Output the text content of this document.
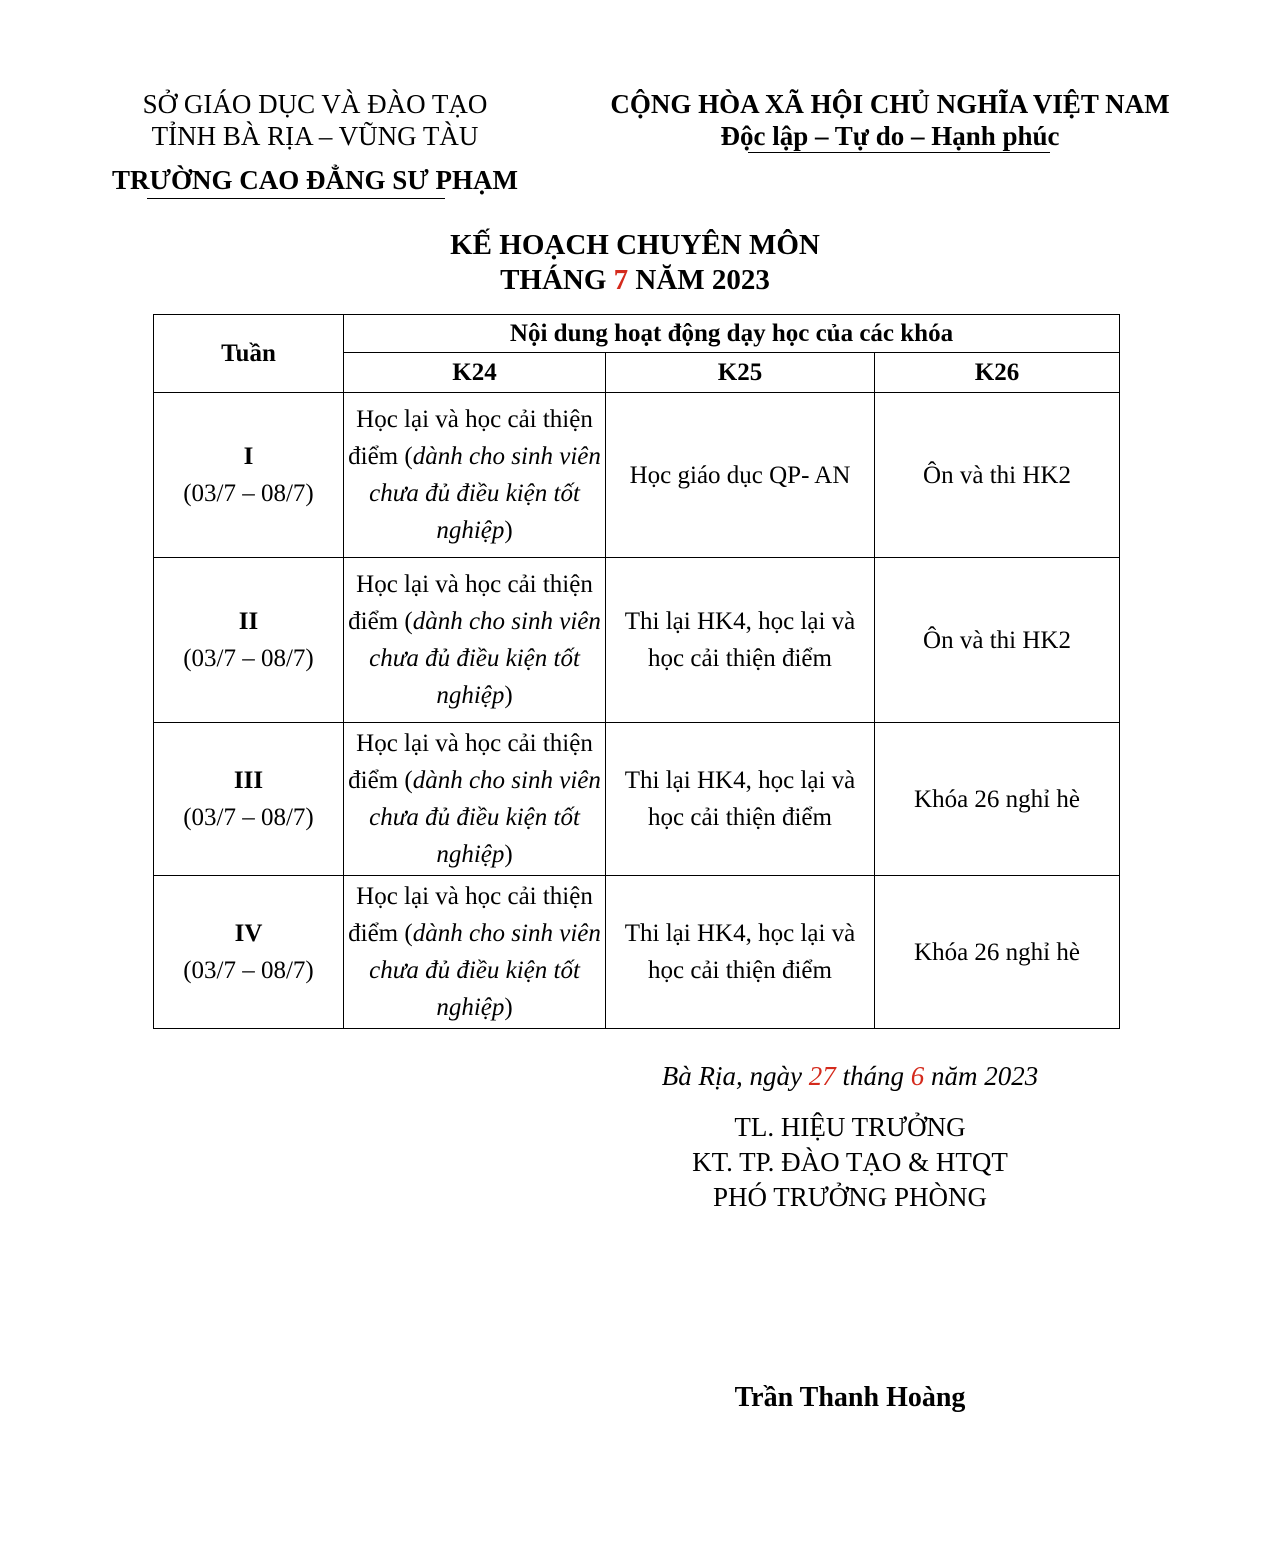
SỞ GIÁO DỤC VÀ ĐÀO TẠO
TỈNH BÀ RỊA – VŨNG TÀU
TRƯỜNG CAO ĐẲNG SƯ PHẠM
CỘNG HÒA XÃ HỘI CHỦ NGHĨA VIỆT NAM
Độc lập – Tự do – Hạnh phúc
KẾ HOẠCH CHUYÊN MÔN
THÁNG 7 NĂM 2023
Tuần	Nội dung hoạt động dạy học của các khóa		
	K24	K25	K26

I
(03/7 – 08/7)	Học lại và học cải thiện điểm (dành cho sinh viên chưa đủ điều kiện tốt nghiệp)	Học giáo dục QP- AN	Ôn và thi HK2

II
(03/7 – 08/7)	Học lại và học cải thiện điểm (dành cho sinh viên chưa đủ điều kiện tốt nghiệp)	Thi lại HK4, học lại và học cải thiện điểm	Ôn và thi HK2

III
(03/7 – 08/7)	Học lại và học cải thiện điểm (dành cho sinh viên chưa đủ điều kiện tốt nghiệp)	Thi lại HK4, học lại và học cải thiện điểm	Khóa 26 nghỉ hè

IV
(03/7 – 08/7)	Học lại và học cải thiện điểm (dành cho sinh viên chưa đủ điều kiện tốt nghiệp)	Thi lại HK4, học lại và học cải thiện điểm	Khóa 26 nghỉ hè
Bà Rịa, ngày 27 tháng 6 năm 2023
TL. HIỆU TRƯỞNG
KT. TP. ĐÀO TẠO & HTQT
PHÓ TRƯỞNG PHÒNG
Trần Thanh Hoàng
